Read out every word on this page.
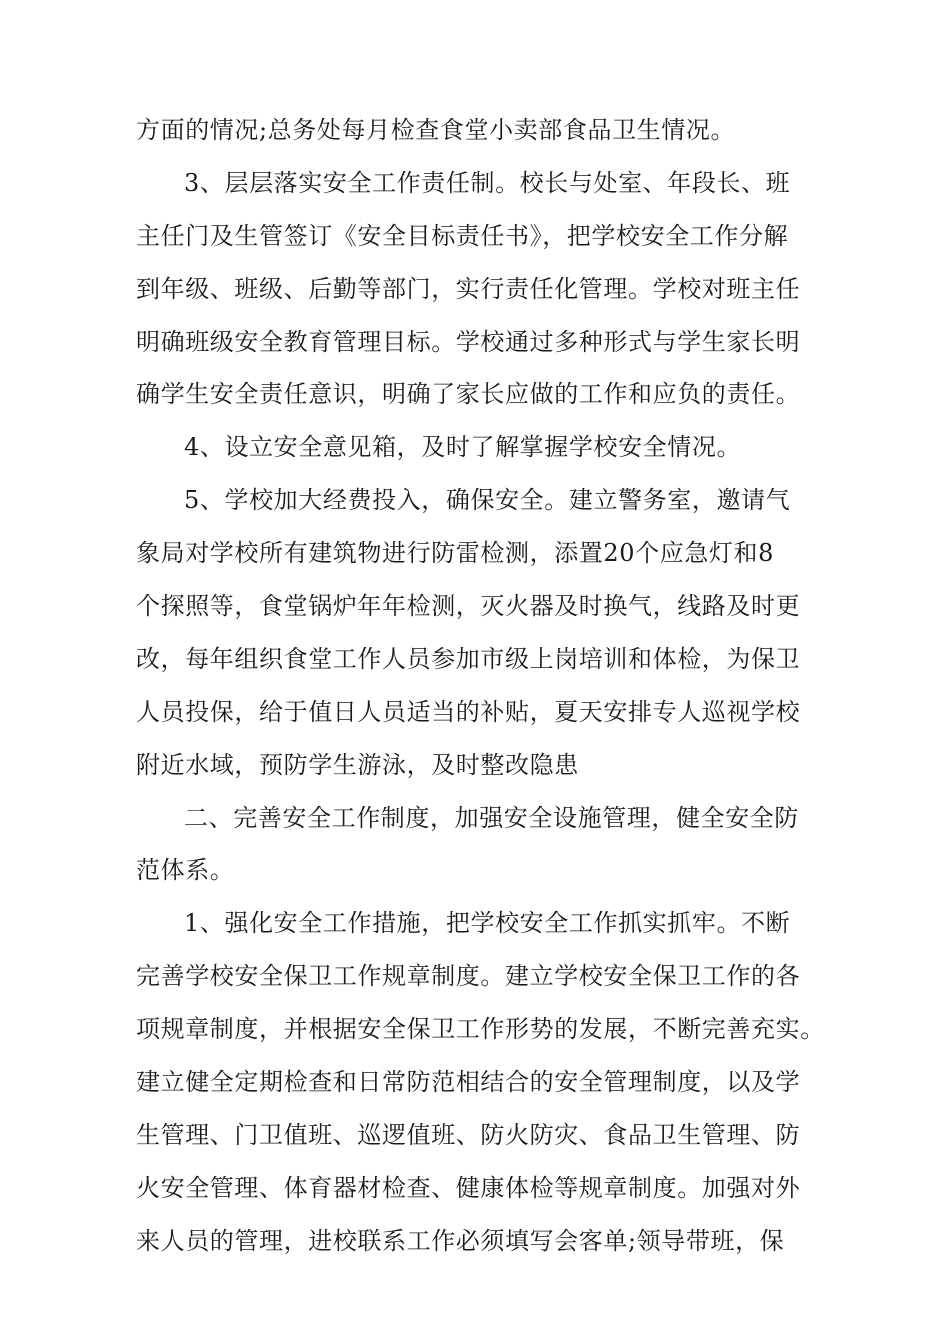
方面的情况;总务处每月检查食堂小卖部食品卫生情况。
3、层层落实安全工作责任制。校长与处室、年段长、班
主任门及生管签订《安全目标责任书》，把学校安全工作分解
到年级、班级、后勤等部门，实行责任化管理。学校对班主任
明确班级安全教育管理目标。学校通过多种形式与学生家长明
确学生安全责任意识，明确了家长应做的工作和应负的责任。
4、设立安全意见箱，及时了解掌握学校安全情况。
5、学校加大经费投入，确保安全。建立警务室，邀请气
象局对学校所有建筑物进行防雷检测，添置20个应急灯和8
个探照等，食堂锅炉年年检测，灭火器及时换气，线路及时更
改，每年组织食堂工作人员参加市级上岗培训和体检，为保卫
人员投保，给于值日人员适当的补贴，夏天安排专人巡视学校
附近水域，预防学生游泳，及时整改隐患
二、完善安全工作制度，加强安全设施管理，健全安全防
范体系。
1、强化安全工作措施，把学校安全工作抓实抓牢。不断
完善学校安全保卫工作规章制度。建立学校安全保卫工作的各
项规章制度，并根据安全保卫工作形势的发展，不断完善充实。
建立健全定期检查和日常防范相结合的安全管理制度，以及学
生管理、门卫值班、巡逻值班、防火防灾、食品卫生管理、防
火安全管理、体育器材检查、健康体检等规章制度。加强对外
来人员的管理，进校联系工作必须填写会客单;领导带班，保
